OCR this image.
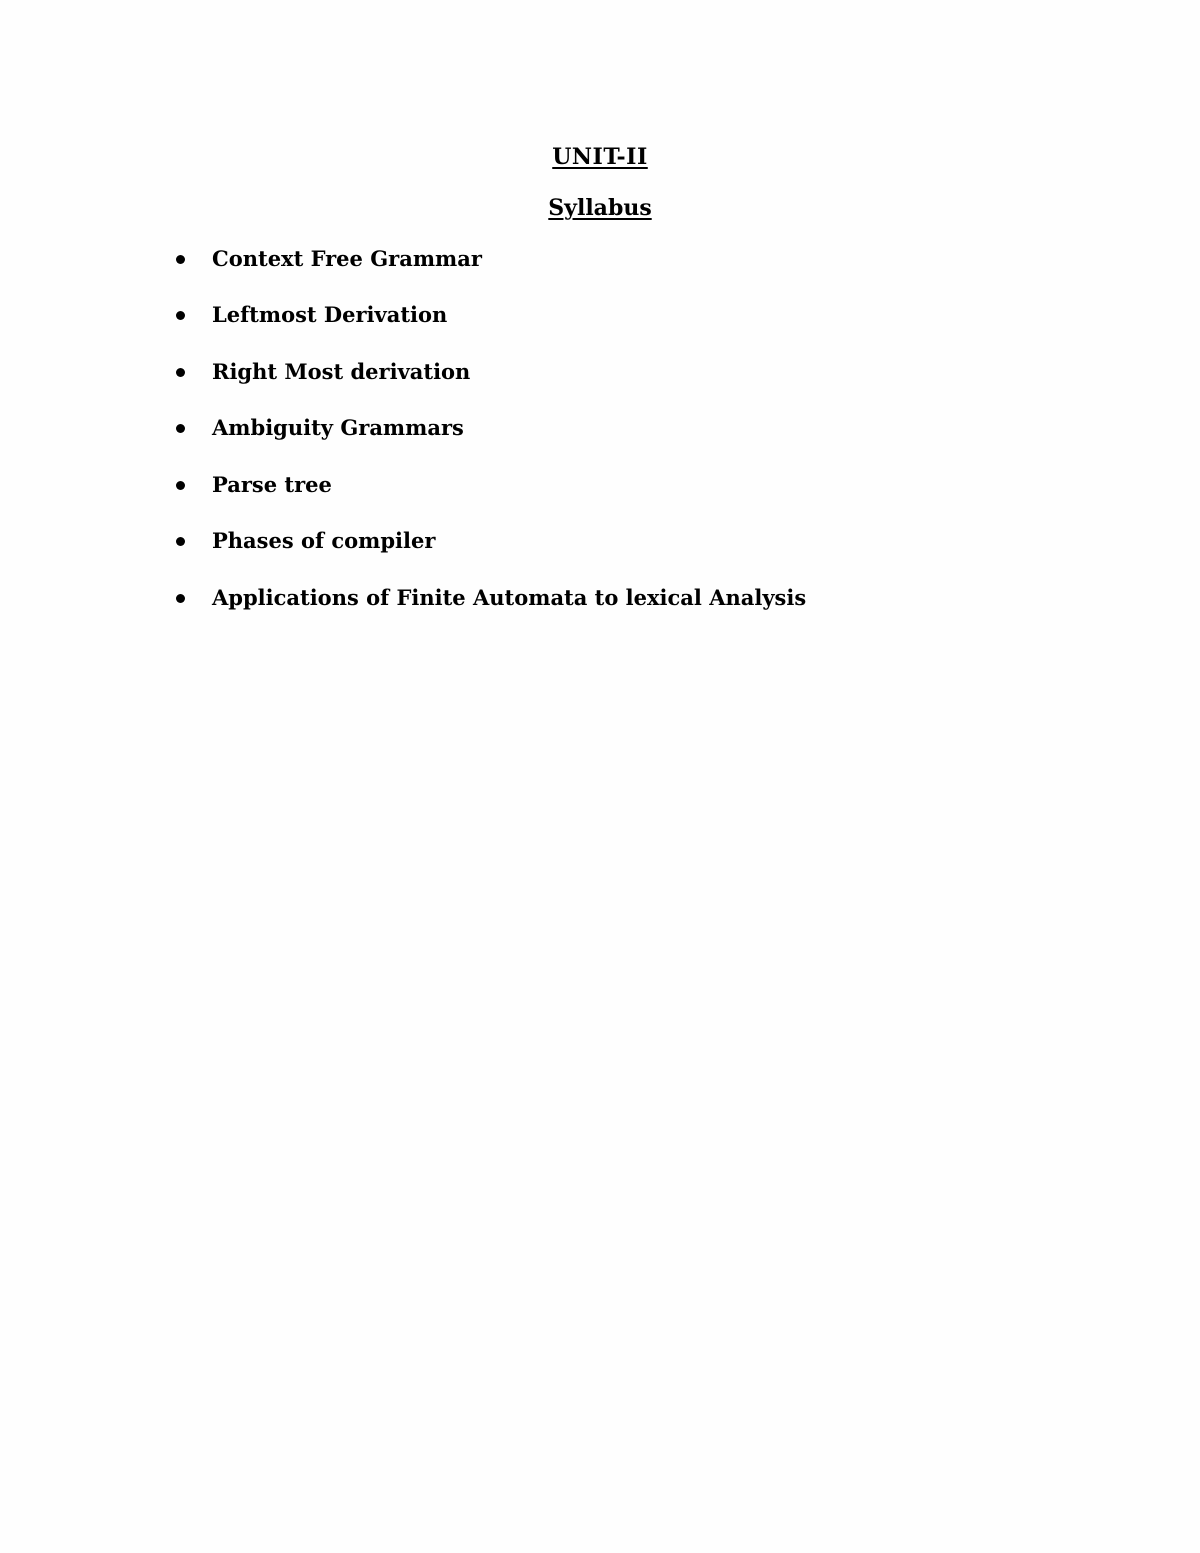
UNIT-II
Syllabus
Context Free Grammar
Leftmost Derivation
Right Most derivation
Ambiguity Grammars
Parse tree
Phases of compiler
Applications of Finite Automata to lexical Analysis
